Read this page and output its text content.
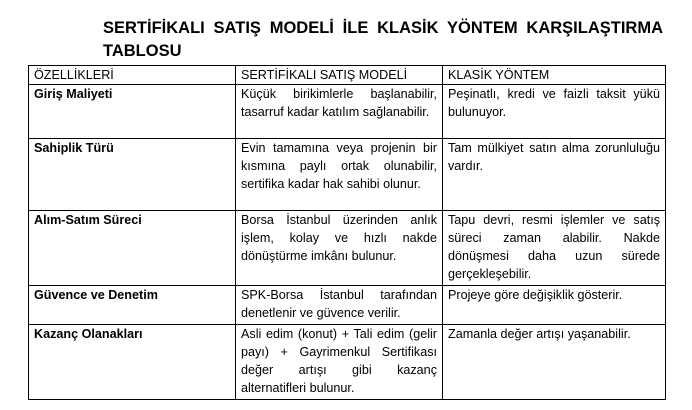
SERTİFİKALI SATIŞ MODELİ İLE KLASİK YÖNTEM KARŞILAŞTIRMA TABLOSU
ÖZELLİKLERİ	SERTİFİKALI SATIŞ MODELİ	KLASİK YÖNTEM
Giriş Maliyeti	Küçük birikimlerle başlanabilir, tasarruf kadar katılım sağlanabilir.	Peşinatlı, kredi ve faizli taksit yükü bulunuyor.
Sahiplik Türü	Evin tamamına veya projenin bir kısmına paylı ortak olunabilir, sertifika kadar hak sahibi olunur.	Tam mülkiyet satın alma zorunluluğu vardır.
Alım-Satım Süreci	Borsa İstanbul üzerinden anlık işlem, kolay ve hızlı nakde dönüştürme imkânı bulunur.	Tapu devri, resmi işlemler ve satış süreci zaman alabilir. Nakde dönüşmesi daha uzun sürede gerçekleşebilir.
Güvence ve Denetim	SPK-Borsa İstanbul tarafından denetlenir ve güvence verilir.	Projeye göre değişiklik gösterir.
Kazanç Olanakları	Asli edim (konut) + Tali edim (gelir payı) + Gayrimenkul Sertifikası değer artışı gibi kazanç alternatifleri bulunur.	Zamanla değer artışı yaşanabilir.
